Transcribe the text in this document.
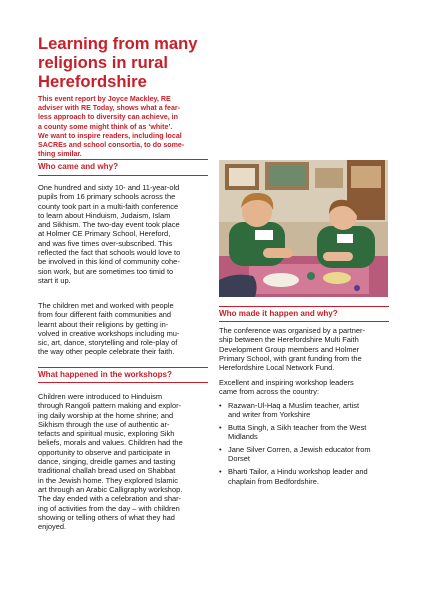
Learning from many
religions in rural
Herefordshire
This event report by Joyce Mackley, RE
adviser with RE Today, shows what a fear-
less approach to diversity can achieve, in
a county some might think of as ‘white’.
We want to inspire readers, including local
SACREs and school consortia, to do some-
thing similar.
Who came and why?
One hundred and sixty 10- and 11-year-old
pupils from 16 primary schools across the
county took part in a multi-faith conference
to learn about Hinduism, Judaism, Islam
and Sikhism. The two-day event took place
at Holmer CE Primary School, Hereford,
and was five times over-subscribed. This
reflected the fact that schools would love to
be involved in this kind of community cohe-
sion work, but are sometimes too timid to
start it up.
The children met and worked with people
from four different faith communities and
learnt about their religions by getting in-
volved in creative workshops including mu-
sic, art, dance, storytelling and role-play of
the way other people celebrate their faith.
What happened in the workshops?
Children were introduced to Hinduism
through Rangoli pattern making and explor-
ing daily worship at the home shrine; and
Sikhism through the use of authentic ar-
tefacts and spiritual music, exploring Sikh
beliefs, morals and values. Children had the
opportunity to observe and participate in
dance, singing, dreidle games and tasting
traditional challah bread used on Shabbat
in the Jewish home. They explored Islamic
art through an Arabic Calligraphy workshop.
The day ended with a celebration and shar-
ing of activities from the day – with children
showing or telling others of what they had
enjoyed.
Who made it happen and why?
The conference was organised by a partner-
ship between the Herefordshire Multi Faith
Development Group members and Holmer
Primary School, with grant funding from the
Herefordshire Local Network Fund.
Excellent and inspiring workshop leaders
came from across the country:
• Razwan-Ul-Haq a Muslim teacher, artist
and writer from Yorkshire
• Butta Singh, a Sikh teacher from the West
Midlands
• Jane Silver Corren, a Jewish educator from
Dorset
• Bharti Tailor, a Hindu workshop leader and
chaplain from Bedfordshire.
